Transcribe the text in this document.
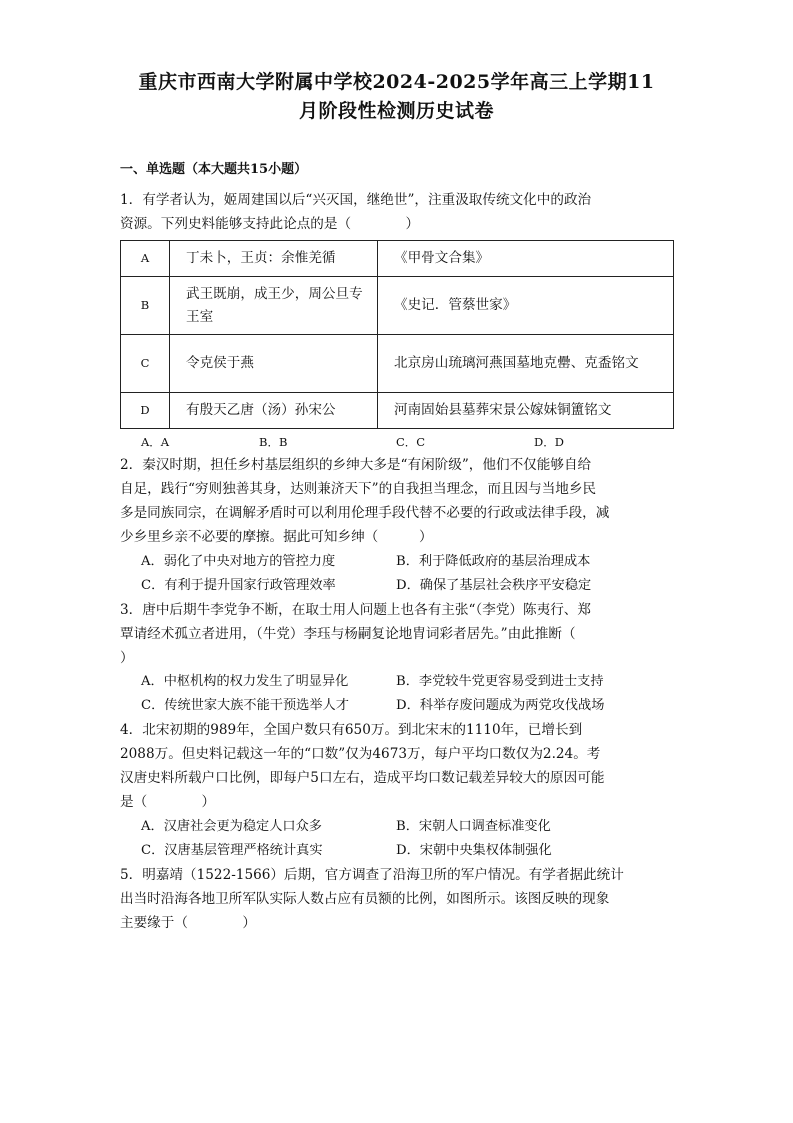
重庆市西南大学附属中学校2024-2025学年高三上学期11
月阶段性检测历史试卷
一、单选题（本大题共15小题）
1．有学者认为，姬周建国以后“兴灭国，继绝世”，注重汲取传统文化中的政治
资源。下列史料能够支持此论点的是（　　　　）
A	丁未卜，王贞：余惟羌循	《甲骨文合集》
B	武王既崩，成王少，周公旦专王室	《史记．管蔡世家》
C	令克侯于燕	北京房山琉璃河燕国墓地克罍、克盉铭文
D	有殷天乙唐（汤）孙宋公	河南固始县墓葬宋景公嫁妹铜簠铭文
A．A	B．B	C．C	D．D
2．秦汉时期，担任乡村基层组织的乡绅大多是“有闲阶级”，他们不仅能够自给
自足，践行“穷则独善其身，达则兼济天下”的自我担当理念，而且因与当地乡民
多是同族同宗，在调解矛盾时可以利用伦理手段代替不必要的行政或法律手段，减
少乡里乡亲不必要的摩擦。据此可知乡绅（　　　）
A．弱化了中央对地方的管控力度	B．利于降低政府的基层治理成本
C．有利于提升国家行政管理效率	D．确保了基层社会秩序平安稳定
3．唐中后期牛李党争不断，在取士用人问题上也各有主张“（李党）陈夷行、郑
覃请经术孤立者进用，（牛党）李珏与杨嗣复论地胄词彩者居先。”由此推断（
）
A．中枢机构的权力发生了明显异化	B．李党较牛党更容易受到进士支持
C．传统世家大族不能干预选举人才	D．科举存废问题成为两党攻伐战场
4．北宋初期的989年，全国户数只有650万。到北宋末的1110年，已增长到
2088万。但史料记载这一年的“口数”仅为4673万，每户平均口数仅为2.24。考
汉唐史料所载户口比例，即每户5口左右，造成平均口数记载差异较大的原因可能
是（　　　　）
A．汉唐社会更为稳定人口众多	B．宋朝人口调查标准变化
C．汉唐基层管理严格统计真实	D．宋朝中央集权体制强化
5．明嘉靖（1522-1566）后期，官方调查了沿海卫所的军户情况。有学者据此统计
出当时沿海各地卫所军队实际人数占应有员额的比例，如图所示。该图反映的现象
主要缘于（　　　　）
